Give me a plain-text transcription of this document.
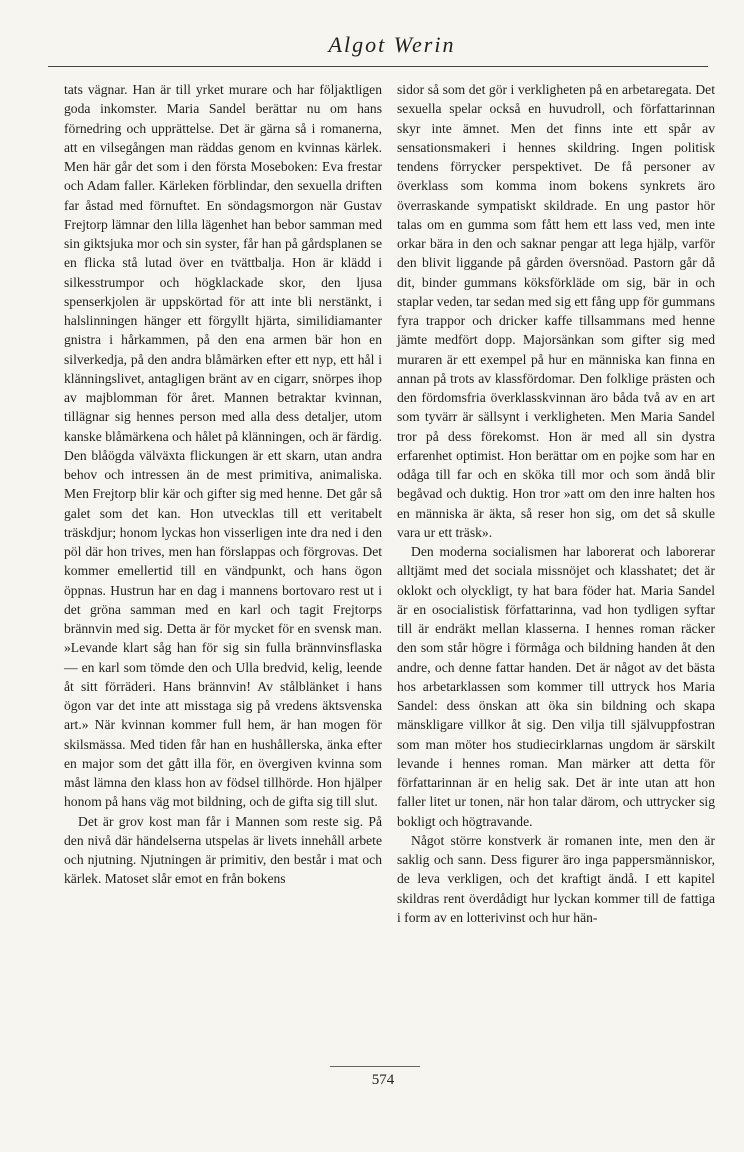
Algot Werin

tats vägnar. Han är till yrket murare och har följaktligen goda inkomster. Maria Sandel berättar nu om hans förnedring och upprättelse. Det är gärna så i romanerna, att en vilsegången man räddas genom en kvinnas kärlek. Men här går det som i den första Moseboken: Eva frestar och Adam faller. Kärleken förblindar, den sexuella driften far åstad med förnuftet. En söndagsmorgon när Gustav Frejtorp lämnar den lilla lägenhet han bebor samman med sin giktsjuka mor och sin syster, får han på gårdsplanen se en flicka stå lutad över en tvättbalja. Hon är klädd i silkesstrumpor och högklackade skor, den ljusa spenserkjolen är uppskörtad för att inte bli nerstänkt, i halslinningen hänger ett förgyllt hjärta, similidiamanter gnistra i hårkammen, på den ena armen bär hon en silverkedja, på den andra blåmärken efter ett nyp, ett hål i klänningslivet, antagligen bränt av en cigarr, snörpes ihop av majblomman för året. Mannen betraktar kvinnan, tillägnar sig hennes person med alla dess detaljer, utom kanske blåmärkena och hålet på klänningen, och är färdig. Den blåögda välväxta flickungen är ett skarn, utan andra behov och intressen än de mest primitiva, animaliska. Men Frejtorp blir kär och gifter sig med henne. Det går så galet som det kan. Hon utvecklas till ett veritabelt träskdjur; honom lyckas hon visserligen inte dra ned i den pöl där hon trives, men han förslappas och förgrovas. Det kommer emellertid till en vändpunkt, och hans ögon öppnas. Hustrun har en dag i mannens bortovaro rest ut i det gröna samman med en karl och tagit Frejtorps brännvin med sig. Detta är för mycket för en svensk man. »Levande klart såg han för sig sin fulla brännvinsflaska — en karl som tömde den och Ulla bredvid, kelig, leende åt sitt förräderi. Hans brännvin! Av stålblänket i hans ögon var det inte att misstaga sig på vredens äktsvenska art.» När kvinnan kommer full hem, är han mogen för skilsmässa. Med tiden får han en hushållerska, änka efter en major som det gått illa för, en övergiven kvinna som måst lämna den klass hon av födsel tillhörde. Hon hjälper honom på hans väg mot bildning, och de gifta sig till slut.

Det är grov kost man får i Mannen som reste sig. På den nivå där händelserna utspelas är livets innehåll arbete och njutning. Njutningen är primitiv, den består i mat och kärlek. Matoset slår emot en från bokens

sidor så som det gör i verkligheten på en arbetaregata. Det sexuella spelar också en huvudroll, och författarinnan skyr inte ämnet. Men det finns inte ett spår av sensationsmakeri i hennes skildring. Ingen politisk tendens förrycker perspektivet. De få personer av överklass som komma inom bokens synkrets äro överraskande sympatiskt skildrade. En ung pastor hör talas om en gumma som fått hem ett lass ved, men inte orkar bära in den och saknar pengar att lega hjälp, varför den blivit liggande på gården översnöad. Pastorn går då dit, binder gummans köksförkläde om sig, bär in och staplar veden, tar sedan med sig ett fång upp för gummans fyra trappor och dricker kaffe tillsammans med henne jämte medfört dopp. Majorsänkan som gifter sig med muraren är ett exempel på hur en människa kan finna en annan på trots av klassfördomar. Den folklige prästen och den fördomsfria överklasskvinnan äro båda två av en art som tyvärr är sällsynt i verkligheten. Men Maria Sandel tror på dess förekomst. Hon är med all sin dystra erfarenhet optimist. Hon berättar om en pojke som har en odåga till far och en sköka till mor och som ändå blir begåvad och duktig. Hon tror »att om den inre halten hos en människa är äkta, så reser hon sig, om det så skulle vara ur ett träsk».

Den moderna socialismen har laborerat och laborerar alltjämt med det sociala missnöjet och klasshatet; det är oklokt och olyckligt, ty hat bara föder hat. Maria Sandel är en osocialistisk författarinna, vad hon tydligen syftar till är endräkt mellan klasserna. I hennes roman räcker den som står högre i förmåga och bildning handen åt den andre, och denne fattar handen. Det är något av det bästa hos arbetarklassen som kommer till uttryck hos Maria Sandel: dess önskan att öka sin bildning och skapa mänskligare villkor åt sig. Den vilja till självuppfostran som man möter hos studiecirklarnas ungdom är särskilt levande i hennes roman. Man märker att detta för författarinnan är en helig sak. Det är inte utan att hon faller litet ur tonen, när hon talar därom, och uttrycker sig bokligt och högtravande.

Något större konstverk är romanen inte, men den är saklig och sann. Dess figurer äro inga pappersmänniskor, de leva verkligen, och det kraftigt ändå. I ett kapitel skildras rent överdådigt hur lyckan kommer till de fattiga i form av en lotterivinst och hur hän-

574
